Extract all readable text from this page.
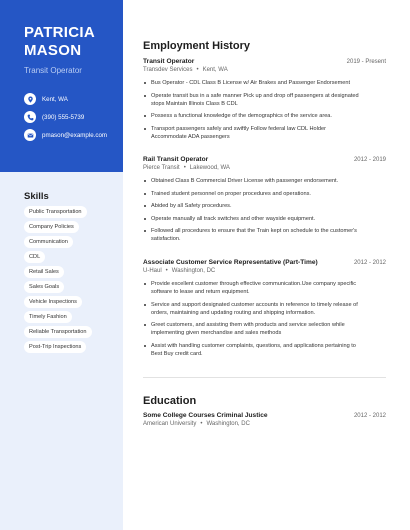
PATRICIA
MASON
Transit Operator
Kent, WA
(390) 555-5739
pmason@example.com
Skills
Public Transportation
Company Policies
Communication
CDL
Retail Sales
Sales Goals
Vehicle Inspections
Timely Fashion
Reliable Transportation
Post-Trip Inspections
Employment History
Transit Operator	2019 - Present
Transdev Services • Kent, WA
Bus Operator - CDL Class B License w/ Air Brakes and Passenger Endorsement
Operate transit bus in a safe manner Pick up and drop off passengers at designated stops Maintain Illinois Class B CDL
Possess a functional knowledge of the demographics of the service area.
Transport passengers safely and swiftly Follow federal law CDL Holder Accommodate ADA passengers
Rail Transit Operator	2012 - 2019
Pierce Transit • Lakewood, WA
Obtained Class B Commercial Driver License with passenger endorsement.
Trained student personnel on proper procedures and operations.
Abided by all Safety procedures.
Operate manually all track switches and other wayside equipment.
Followed all procedures to ensure that the Train kept on schedule to the customer's satisfaction.
Associate Customer Service Representative (Part-Time)	2012 - 2012
U-Haul • Washington, DC
Provide excellent customer through effective communication.Use company specific software to lease and return equipment.
Service and support designated customer accounts in reference to timely release of orders, maintaining and updating routing and shipping information.
Greet customers, and assisting them with products and service selection while implementing given merchandise and sales methods
Assist with handling customer complaints, questions, and applications pertaining to Best Buy credit card.
Education
Some College Courses Criminal Justice	2012 - 2012
American University • Washington, DC
